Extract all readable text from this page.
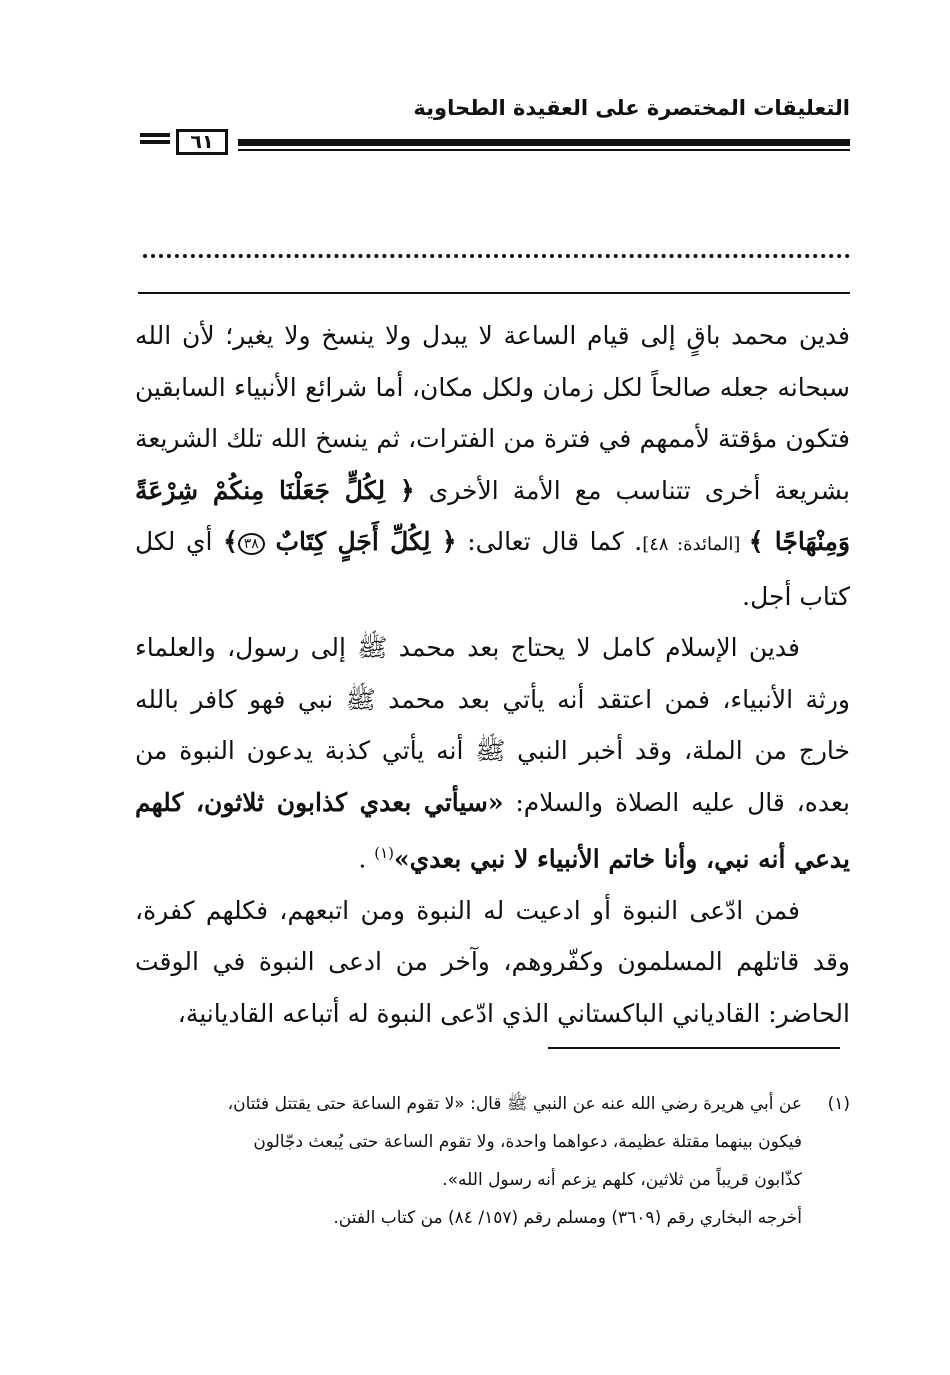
التعليقات المختصرة على العقيدة الطحاوية
٦١

فدين محمد باقٍ إلى قيام الساعة لا يبدل ولا ينسخ ولا يغير؛ لأن الله سبحانه جعله صالحاً لكل زمان ولكل مكان، أما شرائع الأنبياء السابقين فتكون مؤقتة لأممهم في فترة من الفترات، ثم ينسخ الله تلك الشريعة بشريعة أخرى تتناسب مع الأمة الأخرى ﴿ لِكُلٍّ جَعَلْنَا مِنكُمْ شِرْعَةً وَمِنْهَاجًا ﴾ [المائدة: ٤٨]. كما قال تعالى: ﴿ لِكُلِّ أَجَلٍ كِتَابٌ ٣٨﴾ أي لكل كتاب أجل.

فدين الإسلام كامل لا يحتاج بعد محمد ﷺ إلى رسول، والعلماء ورثة الأنبياء، فمن اعتقد أنه يأتي بعد محمد ﷺ نبي فهو كافر بالله خارج من الملة، وقد أخبر النبي ﷺ أنه يأتي كذبة يدعون النبوة من بعده، قال عليه الصلاة والسلام: «سيأتي بعدي كذابون ثلاثون، كلهم يدعي أنه نبي، وأنا خاتم الأنبياء لا نبي بعدي»$^{(١)}$ .

فمن ادّعى النبوة أو ادعيت له النبوة ومن اتبعهم، فكلهم كفرة، وقد قاتلهم المسلمون وكفّروهم، وآخر من ادعى النبوة في الوقت الحاضر: القادياني الباكستاني الذي ادّعى النبوة له أتباعه القاديانية،

(١)
عن أبي هريرة رضي الله عنه عن النبي ﷺ قال: «لا تقوم الساعة حتى يقتتل فئتان،

فيكون بينهما مقتلة عظيمة، دعواهما واحدة، ولا تقوم الساعة حتى يُبعث دجّالون

كذّابون قريباً من ثلاثين، كلهم يزعم أنه رسول الله».

أخرجه البخاري رقم (٣٦٠٩) ومسلم رقم (١٥٧/ ٨٤) من كتاب الفتن.
